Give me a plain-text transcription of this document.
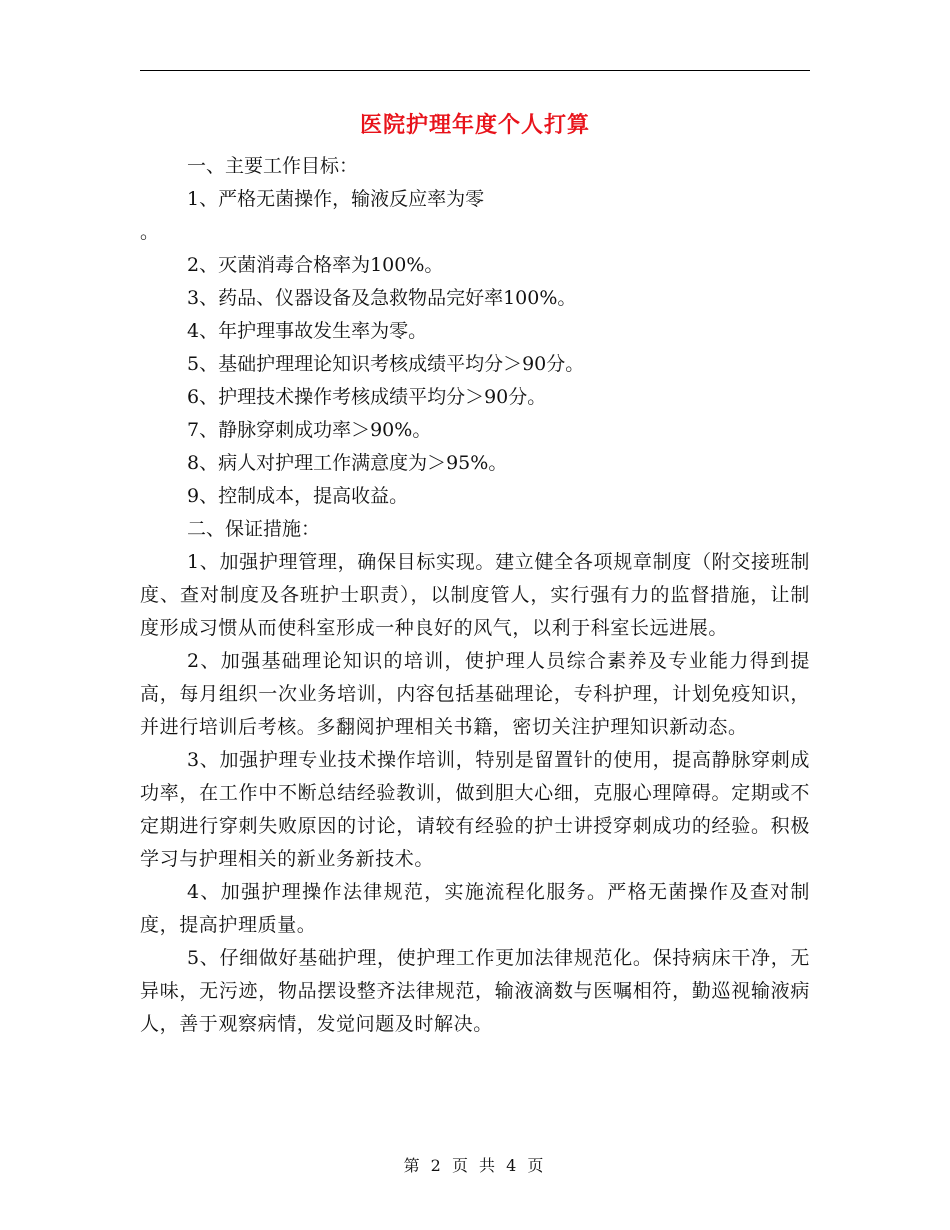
医院护理年度个人打算
一、主要工作目标：
1、严格无菌操作，输液反应率为零
。
2、灭菌消毒合格率为100%。
3、药品、仪器设备及急救物品完好率100%。
4、年护理事故发生率为零。
5、基础护理理论知识考核成绩平均分＞90分。
6、护理技术操作考核成绩平均分＞90分。
7、静脉穿刺成功率＞90%。
8、病人对护理工作满意度为＞95%。
9、控制成本，提高收益。
二、保证措施：
1、加强护理管理，确保目标实现。建立健全各项规章制度（附交接班制度、查对制度及各班护士职责），以制度管人，实行强有力的监督措施，让制度形成习惯从而使科室形成一种良好的风气，以利于科室长远进展。
2、加强基础理论知识的培训，使护理人员综合素养及专业能力得到提高，每月组织一次业务培训，内容包括基础理论，专科护理，计划免疫知识，并进行培训后考核。多翻阅护理相关书籍，密切关注护理知识新动态。
3、加强护理专业技术操作培训，特别是留置针的使用，提高静脉穿刺成功率，在工作中不断总结经验教训，做到胆大心细，克服心理障碍。定期或不定期进行穿刺失败原因的讨论，请较有经验的护士讲授穿刺成功的经验。积极学习与护理相关的新业务新技术。
4、加强护理操作法律规范，实施流程化服务。严格无菌操作及查对制度，提高护理质量。
5、仔细做好基础护理，使护理工作更加法律规范化。保持病床干净，无异味，无污迹，物品摆设整齐法律规范，输液滴数与医嘱相符，勤巡视输液病人，善于观察病情，发觉问题及时解决。
第 2 页 共 4 页
